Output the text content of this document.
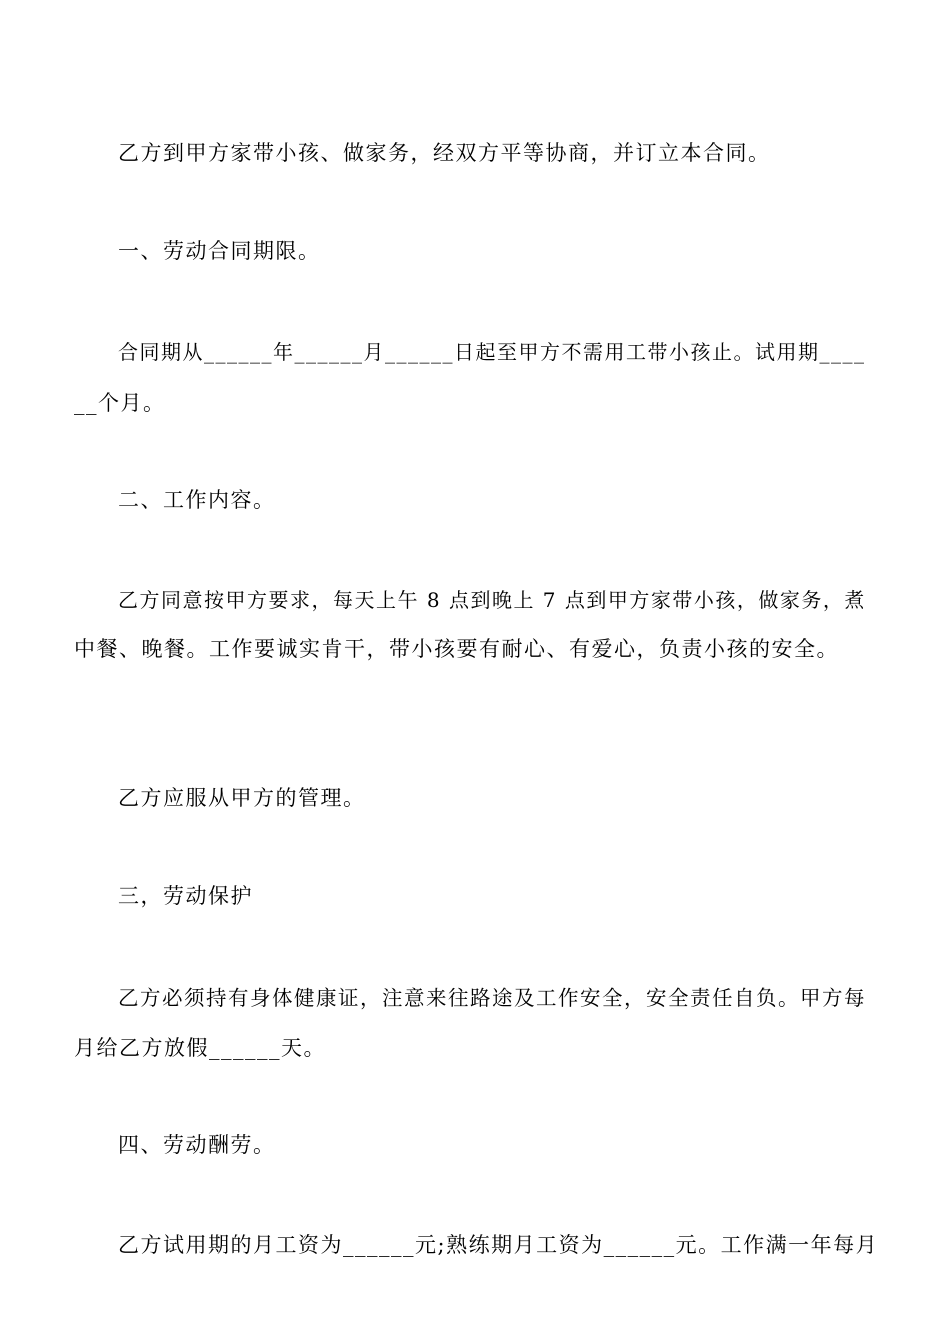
乙方到甲方家带小孩、做家务，经双方平等协商，并订立本合同。
一、劳动合同期限。
合同期从______年______月______日起至甲方不需用工带小孩止。试用期____
__个月。
二、工作内容。
乙方同意按甲方要求，每天上午 8 点到晚上 7 点到甲方家带小孩，做家务，煮
中餐、晚餐。工作要诚实肯干，带小孩要有耐心、有爱心，负责小孩的安全。
乙方应服从甲方的管理。
三，劳动保护
乙方必须持有身体健康证，注意来往路途及工作安全，安全责任自负。甲方每
月给乙方放假______天。
四、劳动酬劳。
乙方试用期的月工资为______元;熟练期月工资为______元。工作满一年每月
